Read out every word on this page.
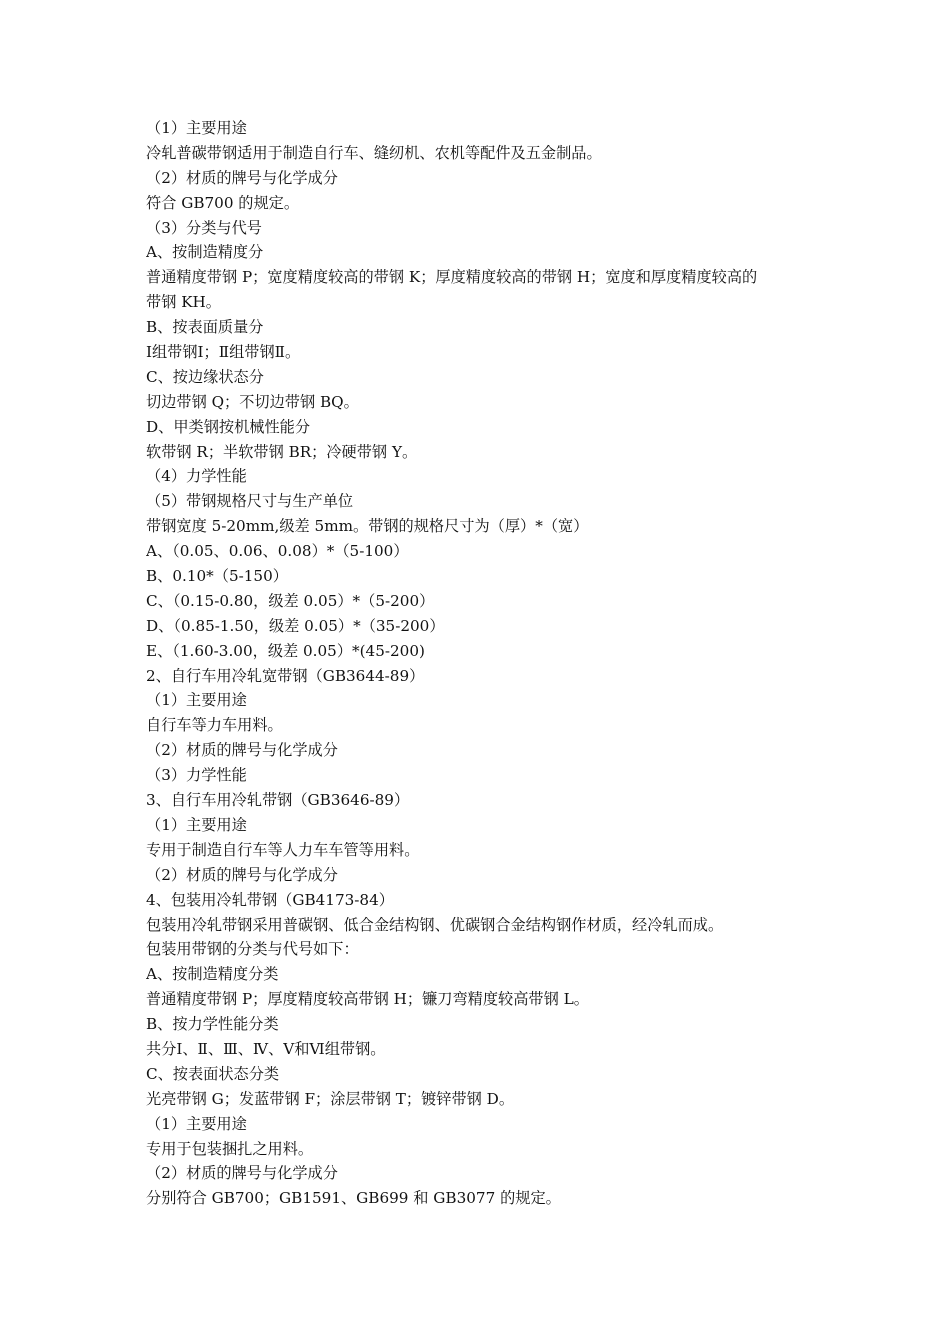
（1）主要用途

冷轧普碳带钢适用于制造自行车、缝纫机、农机等配件及五金制品。

（2）材质的牌号与化学成分

符合 GB700 的规定。

（3）分类与代号

A、按制造精度分

普通精度带钢 P；宽度精度较高的带钢 K；厚度精度较高的带钢 H；宽度和厚度精度较高的

带钢 KH。

B、按表面质量分

Ⅰ组带钢Ⅰ；Ⅱ组带钢Ⅱ。

C、按边缘状态分

切边带钢 Q；不切边带钢 BQ。

D、甲类钢按机械性能分

软带钢 R；半软带钢 BR；冷硬带钢 Y。

（4）力学性能

（5）带钢规格尺寸与生产单位

带钢宽度 5-20mm,级差 5mm。带钢的规格尺寸为（厚）*（宽）

A、（0.05、0.06、0.08）*（5-100）

B、0.10*（5-150）

C、（0.15-0.80，级差 0.05）*（5-200）

D、（0.85-1.50，级差 0.05）*（35-200）

E、（1.60-3.00，级差 0.05）*(45-200)

2、自行车用冷轧宽带钢（GB3644-89）

（1）主要用途

自行车等力车用料。

（2）材质的牌号与化学成分

（3）力学性能

3、自行车用冷轧带钢（GB3646-89）

（1）主要用途

专用于制造自行车等人力车车管等用料。

（2）材质的牌号与化学成分

4、包装用冷轧带钢（GB4173-84）

包装用冷轧带钢采用普碳钢、低合金结构钢、优碳钢合金结构钢作材质，经冷轧而成。

包装用带钢的分类与代号如下：

A、按制造精度分类

普通精度带钢 P；厚度精度较高带钢 H；镰刀弯精度较高带钢 L。

B、按力学性能分类

共分Ⅰ、Ⅱ、Ⅲ、Ⅳ、Ⅴ和Ⅵ组带钢。

C、按表面状态分类

光亮带钢 G；发蓝带钢 F；涂层带钢 T；镀锌带钢 D。

（1）主要用途

专用于包装捆扎之用料。

（2）材质的牌号与化学成分

分别符合 GB700；GB1591、GB699 和 GB3077 的规定。
